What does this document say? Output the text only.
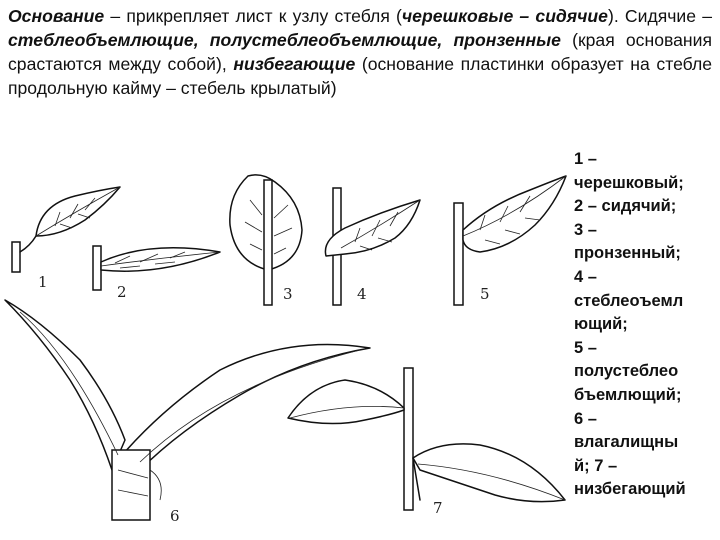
Основание – прикрепляет лист к узлу стебля (черешковые – сидячие). Сидячие – стеблеобъемлющие, полустеблеобъемлющие, пронзенные (края основания срастаются между собой), низбегающие (основание пластинки образует на стебле продольную кайму – стебель крылатый)
1 –
черешковый;
2 – сидячий;
3 –
пронзенный;
4 –
стеблеоъемл
ющий;
5 –
полустеблео
бъемлющий;
6 –
влагалищны
й; 7 –
низбегающий
1
2	3	4	5
6	7
